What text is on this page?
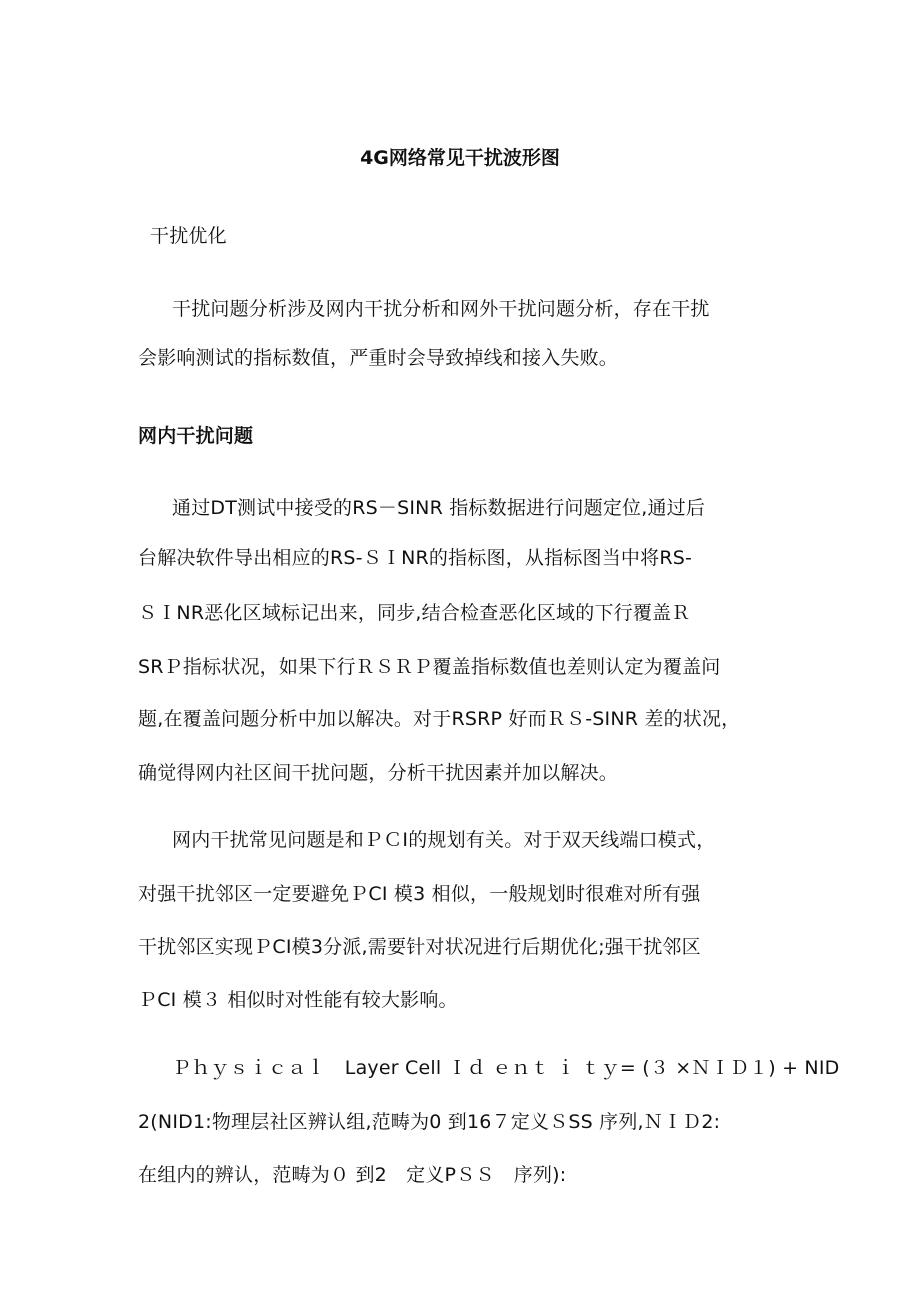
4G网络常见干扰波形图
干扰优化
干扰问题分析涉及网内干扰分析和网外干扰问题分析，存在干扰
会影响测试的指标数值，严重时会导致掉线和接入失败。
网内干扰问题
通过DT测试中接受的RS－SINR 指标数据进行问题定位,通过后
台解决软件导出相应的RS-ＳＩNR的指标图，从指标图当中将RS-
ＳＩNR恶化区域标记出来，同步,结合检查恶化区域的下行覆盖Ｒ
SRＰ指标状况，如果下行ＲＳＲＰ覆盖指标数值也差则认定为覆盖问
题,在覆盖问题分析中加以解决。对于RSRP 好而ＲＳ-SINR 差的状况，
确觉得网内社区间干扰问题，分析干扰因素并加以解决。
网内干扰常见问题是和ＰＣI的规划有关。对于双天线端口模式，
对强干扰邻区一定要避免ＰCI 模3 相似，一般规划时很难对所有强
干扰邻区实现ＰCI模3分派,需要针对状况进行后期优化;强干扰邻区
ＰCI 模３ 相似时对性能有较大影响。
Ｐｈｙｓｉｃａｌ　Layer Cell Ｉｄ ｅｎｔ ｉ ｔｙ= (３ ×ＮＩＤ１) + NID
2(NID1:物理层社区辨认组,范畴为0 到16７定义ＳSS 序列,ＮＩＤ2:
在组内的辨认，范畴为０ 到2　定义PＳＳ　序列):
